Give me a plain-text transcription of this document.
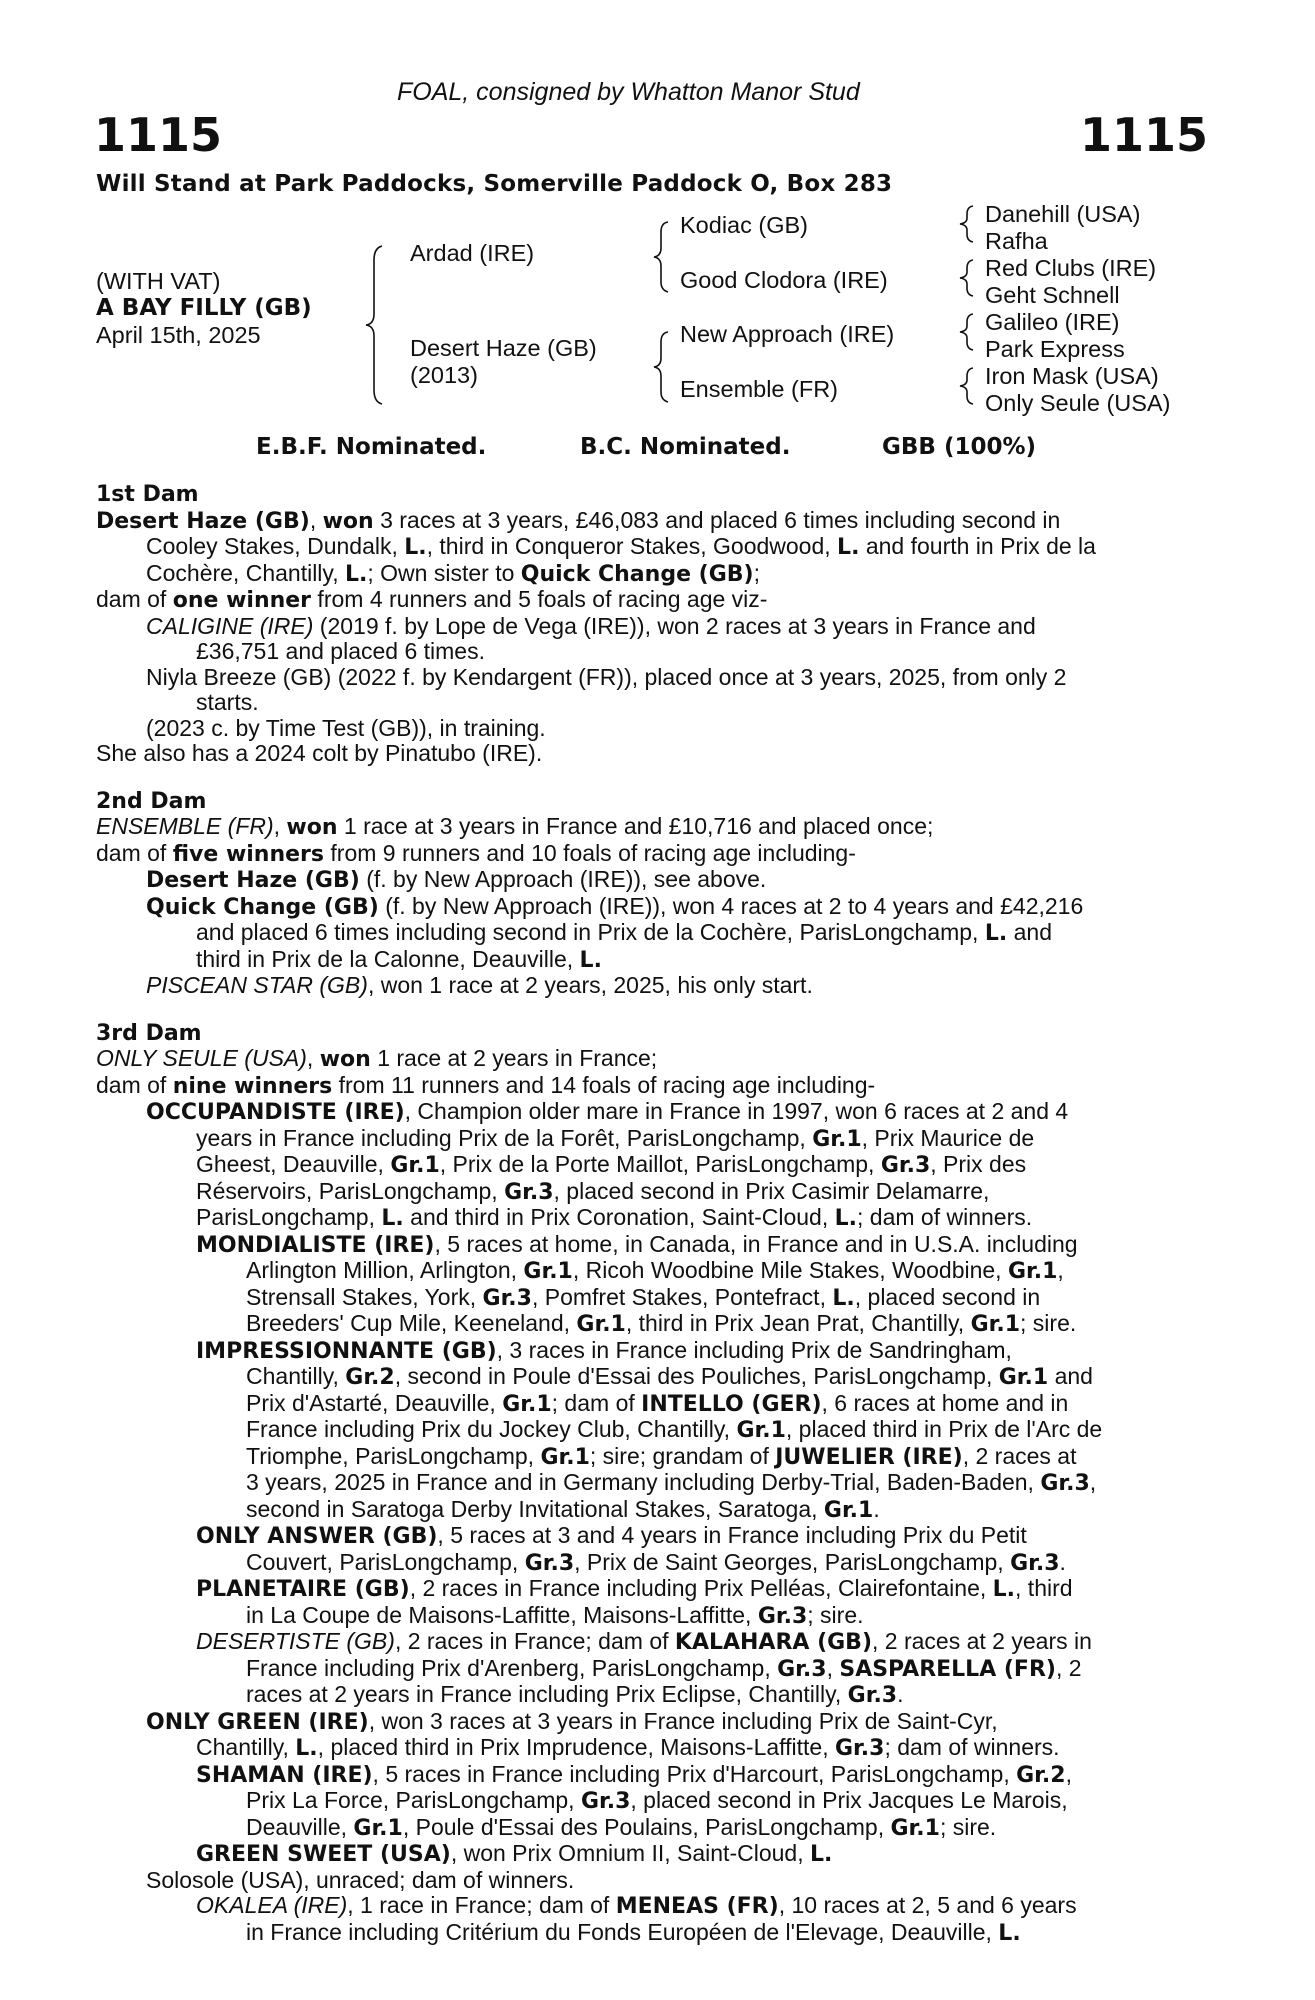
FOAL, consigned by Whatton Manor Stud
1115	1115
Will Stand at Park Paddocks, Somerville Paddock O, Box 283
(WITH VAT)
A BAY FILLY (GB)
April 15th, 2025
Ardad (IRE)
Desert Haze (GB)
(2013)
Kodiac (GB)
Good Clodora (IRE)
New Approach (IRE)
Ensemble (FR)
Danehill (USA)
Rafha
Red Clubs (IRE)
Geht Schnell
Galileo (IRE)
Park Express
Iron Mask (USA)
Only Seule (USA)
E.B.F. Nominated.	B.C. Nominated.	GBB (100%)

1st Dam

Desert Haze (GB), won 3 races at 3 years, £46,083 and placed 6 times including second in

Cooley Stakes, Dundalk, L., third in Conqueror Stakes, Goodwood, L. and fourth in Prix de la

Cochère, Chantilly, L.; Own sister to Quick Change (GB);

dam of one winner from 4 runners and 5 foals of racing age viz-

CALIGINE (IRE) (2019 f. by Lope de Vega (IRE)), won 2 races at 3 years in France and
£36,751 and placed 6 times.

Niyla Breeze (GB) (2022 f. by Kendargent (FR)), placed once at 3 years, 2025, from only 2
starts.

(2023 c. by Time Test (GB)), in training.

She also has a 2024 colt by Pinatubo (IRE).

2nd Dam

ENSEMBLE (FR), won 1 race at 3 years in France and £10,716 and placed once;

dam of five winners from 9 runners and 10 foals of racing age including-

Desert Haze (GB) (f. by New Approach (IRE)), see above.

Quick Change (GB) (f. by New Approach (IRE)), won 4 races at 2 to 4 years and £42,216
and placed 6 times including second in Prix de la Cochère, ParisLongchamp, L. and
third in Prix de la Calonne, Deauville, L.

PISCEAN STAR (GB), won 1 race at 2 years, 2025, his only start.

3rd Dam

ONLY SEULE (USA), won 1 race at 2 years in France;

dam of nine winners from 11 runners and 14 foals of racing age including-

OCCUPANDISTE (IRE), Champion older mare in France in 1997, won 6 races at 2 and 4

years in France including Prix de la Forêt, ParisLongchamp, Gr.1, Prix Maurice de

Gheest, Deauville, Gr.1, Prix de la Porte Maillot, ParisLongchamp, Gr.3, Prix des

Réservoirs, ParisLongchamp, Gr.3, placed second in Prix Casimir Delamarre,

ParisLongchamp, L. and third in Prix Coronation, Saint-Cloud, L.; dam of winners.

MONDIALISTE (IRE), 5 races at home, in Canada, in France and in U.S.A. including

Arlington Million, Arlington, Gr.1, Ricoh Woodbine Mile Stakes, Woodbine, Gr.1,

Strensall Stakes, York, Gr.3, Pomfret Stakes, Pontefract, L., placed second in

Breeders' Cup Mile, Keeneland, Gr.1, third in Prix Jean Prat, Chantilly, Gr.1; sire.

IMPRESSIONNANTE (GB), 3 races in France including Prix de Sandringham,

Chantilly, Gr.2, second in Poule d'Essai des Pouliches, ParisLongchamp, Gr.1 and

Prix d'Astarté, Deauville, Gr.1; dam of INTELLO (GER), 6 races at home and in

France including Prix du Jockey Club, Chantilly, Gr.1, placed third in Prix de l'Arc de

Triomphe, ParisLongchamp, Gr.1; sire; grandam of JUWELIER (IRE), 2 races at

3 years, 2025 in France and in Germany including Derby-Trial, Baden-Baden, Gr.3,

second in Saratoga Derby Invitational Stakes, Saratoga, Gr.1.

ONLY ANSWER (GB), 5 races at 3 and 4 years in France including Prix du Petit

Couvert, ParisLongchamp, Gr.3, Prix de Saint Georges, ParisLongchamp, Gr.3.

PLANETAIRE (GB), 2 races in France including Prix Pelléas, Clairefontaine, L., third

in La Coupe de Maisons-Laffitte, Maisons-Laffitte, Gr.3; sire.

DESERTISTE (GB), 2 races in France; dam of KALAHARA (GB), 2 races at 2 years in

France including Prix d'Arenberg, ParisLongchamp, Gr.3, SASPARELLA (FR), 2

races at 2 years in France including Prix Eclipse, Chantilly, Gr.3.

ONLY GREEN (IRE), won 3 races at 3 years in France including Prix de Saint-Cyr,

Chantilly, L., placed third in Prix Imprudence, Maisons-Laffitte, Gr.3; dam of winners.

SHAMAN (IRE), 5 races in France including Prix d'Harcourt, ParisLongchamp, Gr.2,

Prix La Force, ParisLongchamp, Gr.3, placed second in Prix Jacques Le Marois,

Deauville, Gr.1, Poule d'Essai des Poulains, ParisLongchamp, Gr.1; sire.

GREEN SWEET (USA), won Prix Omnium II, Saint-Cloud, L.

Solosole (USA), unraced; dam of winners.

OKALEA (IRE), 1 race in France; dam of MENEAS (FR), 10 races at 2, 5 and 6 years

in France including Critérium du Fonds Européen de l'Elevage, Deauville, L.
